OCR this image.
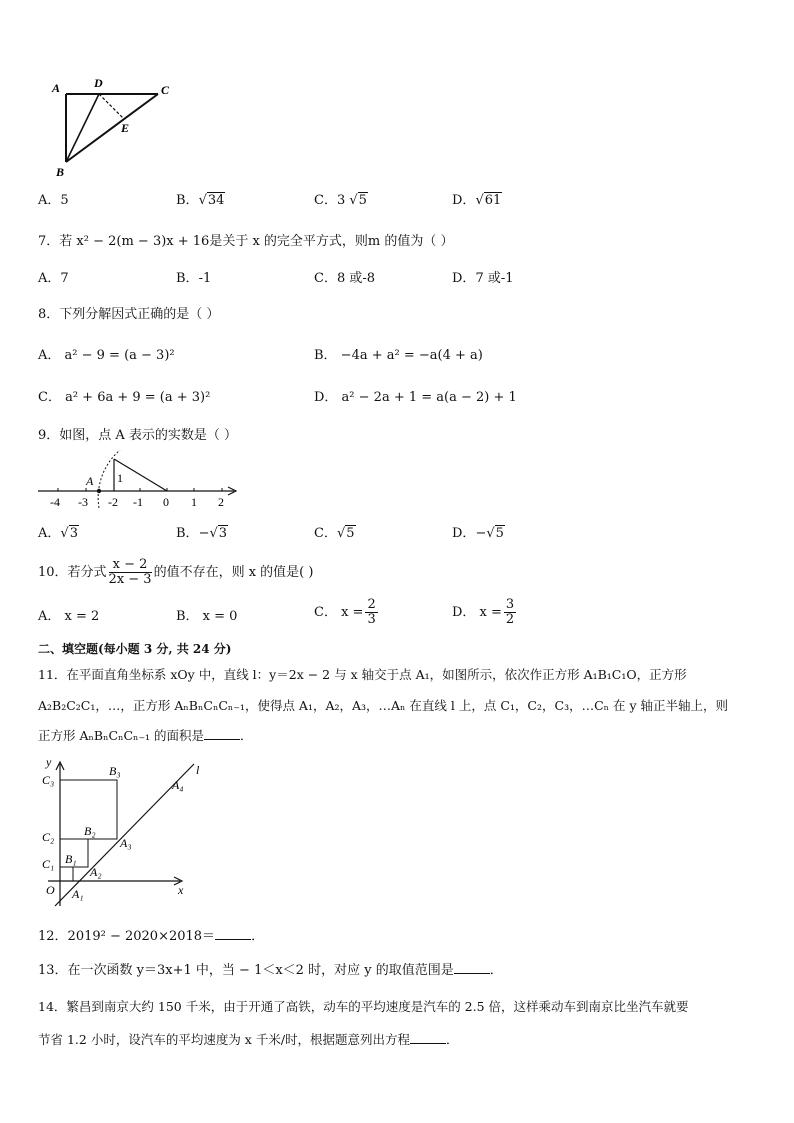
A	D	C
E
B
A．5	B．√34	C．3 √5	D．√61
7．若 x² − 2(m − 3)x + 16是关于 x 的完全平方式，则m 的值为（ ）
A．7	B．-1	C．8 或-8	D．7 或-1
8．下列分解因式正确的是（ ）
A． a² − 9 = (a − 3)²	B． −4a + a² = −a(4 + a)
C． a² + 6a + 9 = (a + 3)²	D． a² − 2a + 1 = a(a − 2) + 1
9．如图，点 A 表示的实数是（ ）
A 1
-4 -3 -2 -1 0 1 2
A．√3	B．−√3	C．√5	D．−√5
10．若分式 $\frac{x - 2}{2x - 3}$ 的值不存在，则 x 的值是( )
A． x = 2	B． x = 0	C． $x = \frac{2}{3}$	D． $x = \frac{3}{2}$
二、填空题(每小题 3 分, 共 24 分)
11．在平面直角坐标系 xOy 中，直线 l：y＝2x − 2 与 x 轴交于点 A₁，如图所示，依次作正方形 A₁B₁C₁O，正方形
A₂B₂C₂C₁，…，正方形 AₙBₙCₙCₙ₋₁，使得点 A₁，A₂，A₃，…Aₙ 在直线 l 上，点 C₁，C₂，C₃，…Cₙ 在 y 轴正半轴上，则
正方形 AₙBₙCₙCₙ₋₁ 的面积是	．
y
x
O
l
C₃
C₂
C₁
B₃
B₂
B₁
A₄
A₃
A₂
A₁
12．2019² − 2020×2018＝	．
13．在一次函数 y＝3x+1 中，当 − 1＜x＜2 时，对应 y 的取值范围是	．
14．繁昌到南京大约 150 千米，由于开通了高铁，动车的平均速度是汽车的 2.5 倍，这样乘动车到南京比坐汽车就要
节省 1.2 小时，设汽车的平均速度为 x 千米/时，根据题意列出方程	．
